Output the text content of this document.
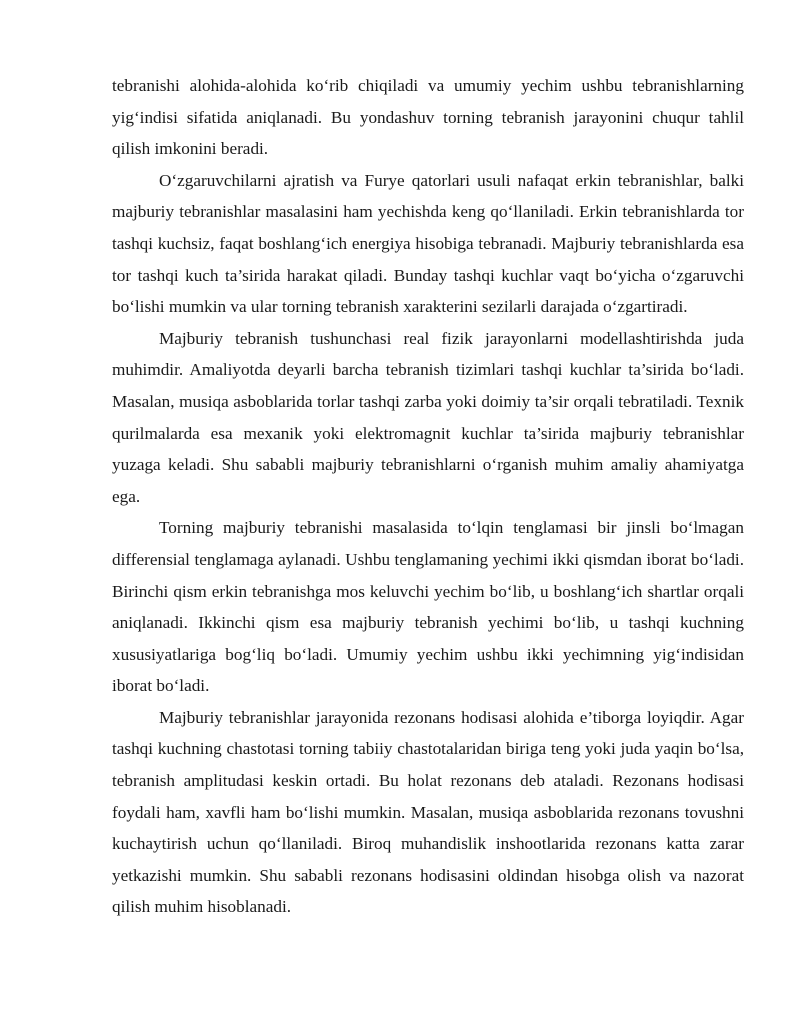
tebranishi alohida-alohida ko‘rib chiqiladi va umumiy yechim ushbu tebranishlarning yig‘indisi sifatida aniqlanadi. Bu yondashuv torning tebranish jarayonini chuqur tahlil qilish imkonini beradi.

O‘zgaruvchilarni ajratish va Furye qatorlari usuli nafaqat erkin tebranishlar, balki majburiy tebranishlar masalasini ham yechishda keng qo‘llaniladi. Erkin tebranishlarda tor tashqi kuchsiz, faqat boshlang‘ich energiya hisobiga tebranadi. Majburiy tebranishlarda esa tor tashqi kuch ta’sirida harakat qiladi. Bunday tashqi kuchlar vaqt bo‘yicha o‘zgaruvchi bo‘lishi mumkin va ular torning tebranish xarakterini sezilarli darajada o‘zgartiradi.

Majburiy tebranish tushunchasi real fizik jarayonlarni modellashtirishda juda muhimdir. Amaliyotda deyarli barcha tebranish tizimlari tashqi kuchlar ta’sirida bo‘ladi. Masalan, musiqa asboblarida torlar tashqi zarba yoki doimiy ta’sir orqali tebratiladi. Texnik qurilmalarda esa mexanik yoki elektromagnit kuchlar ta’sirida majburiy tebranishlar yuzaga keladi. Shu sababli majburiy tebranishlarni o‘rganish muhim amaliy ahamiyatga ega.

Torning majburiy tebranishi masalasida to‘lqin tenglamasi bir jinsli bo‘lmagan differensial tenglamaga aylanadi. Ushbu tenglamaning yechimi ikki qismdan iborat bo‘ladi. Birinchi qism erkin tebranishga mos keluvchi yechim bo‘lib, u boshlang‘ich shartlar orqali aniqlanadi. Ikkinchi qism esa majburiy tebranish yechimi bo‘lib, u tashqi kuchning xususiyatlariga bog‘liq bo‘ladi. Umumiy yechim ushbu ikki yechimning yig‘indisidan iborat bo‘ladi.

Majburiy tebranishlar jarayonida rezonans hodisasi alohida e’tiborga loyiqdir. Agar tashqi kuchning chastotasi torning tabiiy chastotalaridan biriga teng yoki juda yaqin bo‘lsa, tebranish amplitudasi keskin ortadi. Bu holat rezonans deb ataladi. Rezonans hodisasi foydali ham, xavfli ham bo‘lishi mumkin. Masalan, musiqa asboblarida rezonans tovushni kuchaytirish uchun qo‘llaniladi. Biroq muhandislik inshootlarida rezonans katta zarar yetkazishi mumkin. Shu sababli rezonans hodisasini oldindan hisobga olish va nazorat qilish muhim hisoblanadi.
